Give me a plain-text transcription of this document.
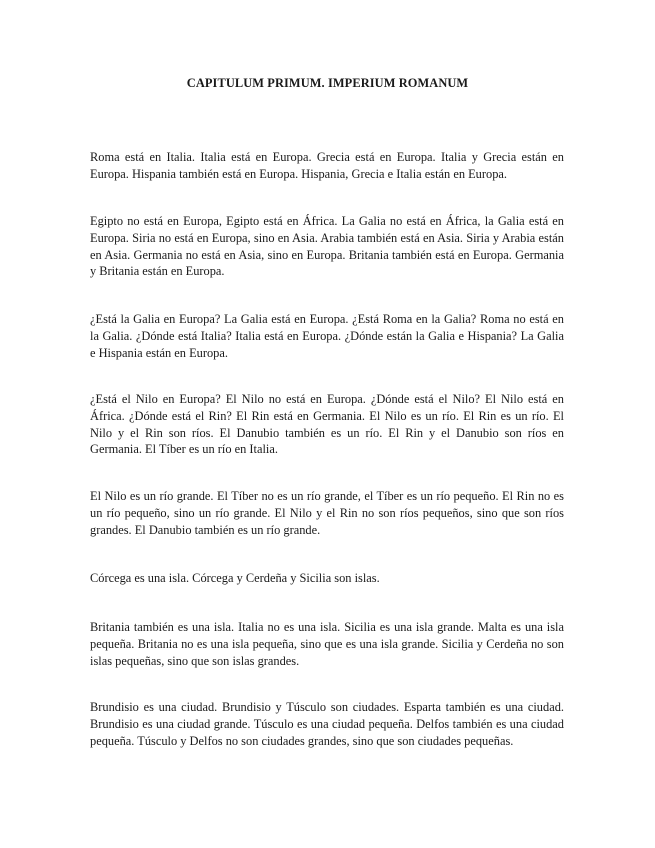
CAPITULUM PRIMUM. IMPERIUM ROMANUM

Roma está en Italia. Italia está en Europa. Grecia está en Europa. Italia y Grecia están en Europa. Hispania también está en Europa. Hispania, Grecia e Italia están en Europa.

Egipto no está en Europa, Egipto está en África. La Galia no está en África, la Galia está en Europa. Siria no está en Europa, sino en Asia. Arabia también está en Asia. Siria y Arabia están en Asia. Germania no está en Asia, sino en Europa. Britania también está en Europa. Germania y Britania están en Europa.

¿Está la Galia en Europa? La Galia está en Europa. ¿Está Roma en la Galia? Roma no está en la Galia. ¿Dónde está Italia? Italia está en Europa. ¿Dónde están la Galia e Hispania? La Galia e Hispania están en Europa.

¿Está el Nilo en Europa? El Nilo no está en Europa. ¿Dónde está el Nilo? El Nilo está en África. ¿Dónde está el Rin? El Rin está en Germania. El Nilo es un río. El Rin es un río. El Nilo y el Rin son ríos. El Danubio también es un río. El Rin y el Danubio son ríos en Germania. El Tíber es un río en Italia.

El Nilo es un río grande. El Tíber no es un río grande, el Tíber es un río pequeño. El Rin no es un río pequeño, sino un río grande. El Nilo y el Rin no son ríos pequeños, sino que son ríos grandes. El Danubio también es un río grande.

Córcega es una isla. Córcega y Cerdeña y Sicilia son islas.

Britania también es una isla. Italia no es una isla. Sicilia es una isla grande. Malta es una isla pequeña. Britania no es una isla pequeña, sino que es una isla grande. Sicilia y Cerdeña no son islas pequeñas, sino que son islas grandes.

Brundisio es una ciudad. Brundisio y Túsculo son ciudades. Esparta también es una ciudad. Brundisio es una ciudad grande. Túsculo es una ciudad pequeña. Delfos también es una ciudad pequeña. Túsculo y Delfos no son ciudades grandes, sino que son ciudades pequeñas.
